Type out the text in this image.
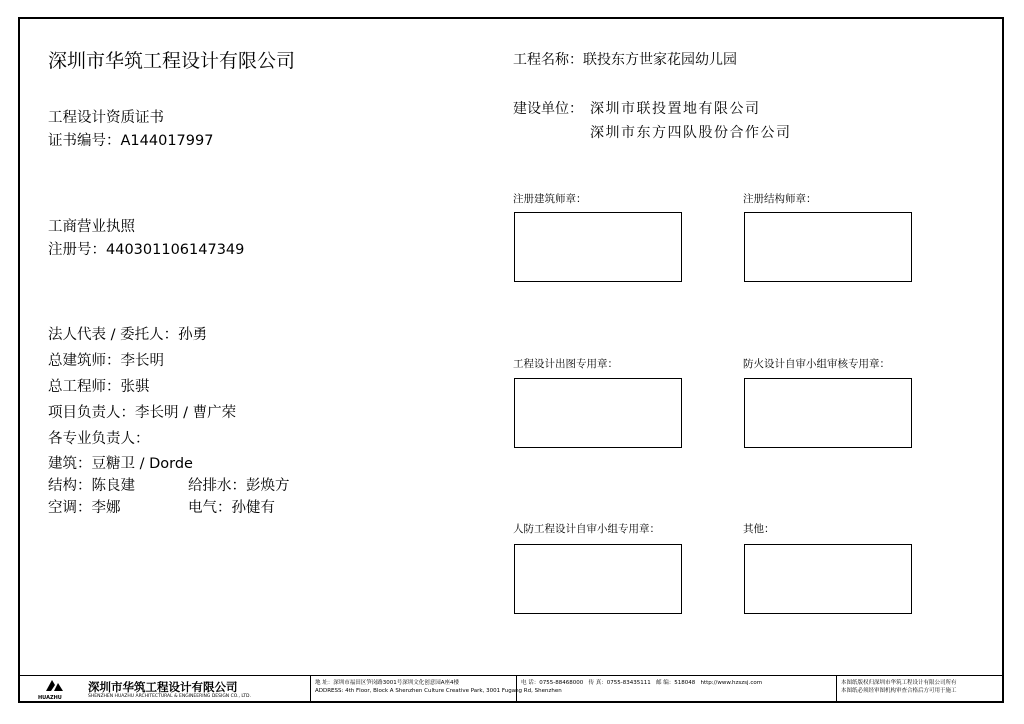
深圳市华筑工程设计有限公司
工程设计资质证书
证书编号：A144017997
工商营业执照
注册号：440301106147349
法人代表 / 委托人：孙勇
总建筑师：李长明
总工程师：张骐
项目负责人：李长明 / 曹广荣
各专业负责人：
建筑：豆糖卫 / Dorde
结构：陈良建	给排水：彭焕方
空调：李娜	电气：孙健有
工程名称：联投东方世家花园幼儿园
建设单位： 深圳市联投置地有限公司
深圳市东方四队股份合作公司
注册建筑师章：	注册结构师章：
工程设计出图专用章：	防火设计自审小组审核专用章：
人防工程设计自审小组专用章：	其他：
地 址：深圳市福田区笋岗路3001号深圳文化创意园A座4楼
ADDRESS: 4th Floor, Block A Shenzhen Culture Creative Park, 3001 Fugang Rd, Shenzhen
电 话：0755-88468000 传 真：0755-83435111 邮 编：518048 http://www.hzszsj.com	本图纸版权归深圳市华筑工程设计有限公司所有
本图纸必须经审图机构审查合格后方可用于施工
HUAZHU
深圳市华筑工程设计有限公司
SHENZHEN HUAZHU ARCHITECTURAL & ENGINEERING DESIGN CO., LTD.
